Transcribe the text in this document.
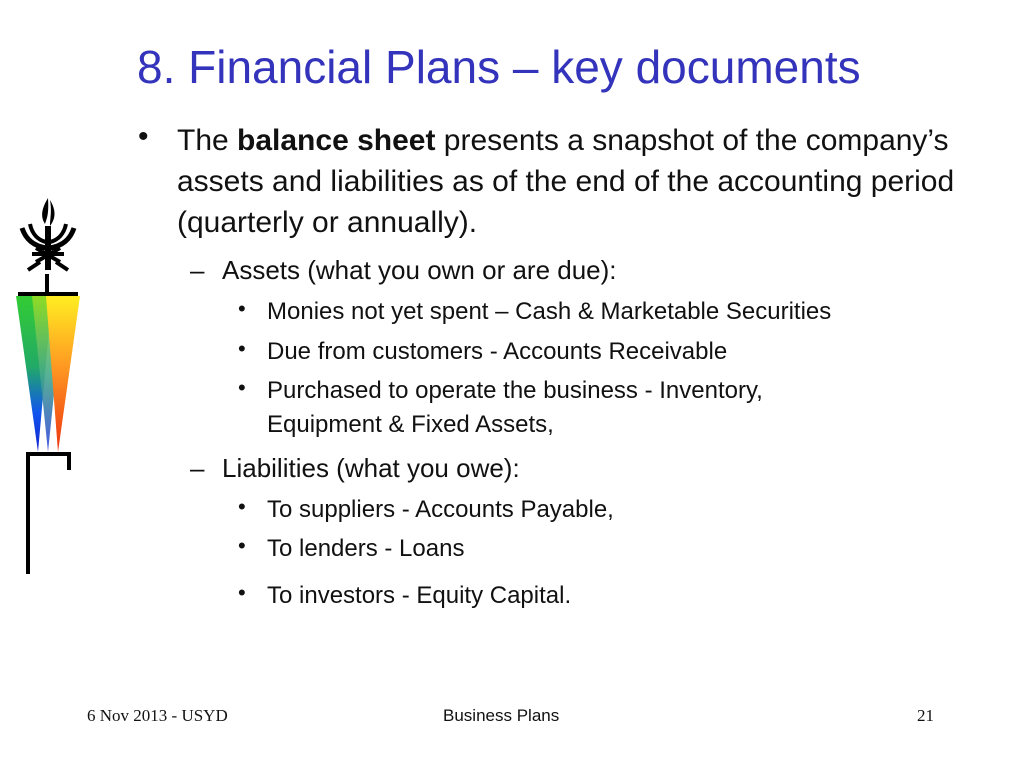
8. Financial Plans – key documents
• The balance sheet presents a snapshot of the company’s assets and liabilities as of the end of the accounting period (quarterly or annually).
– Assets (what you own or are due):
• Monies not yet spent – Cash & Marketable Securities
• Due from customers - Accounts Receivable
• Purchased to operate the business - Inventory, Equipment & Fixed Assets,
– Liabilities (what you owe):
• To suppliers - Accounts Payable,
• To lenders - Loans
• To investors - Equity Capital.
6 Nov 2013 - USYD	Business Plans	21
